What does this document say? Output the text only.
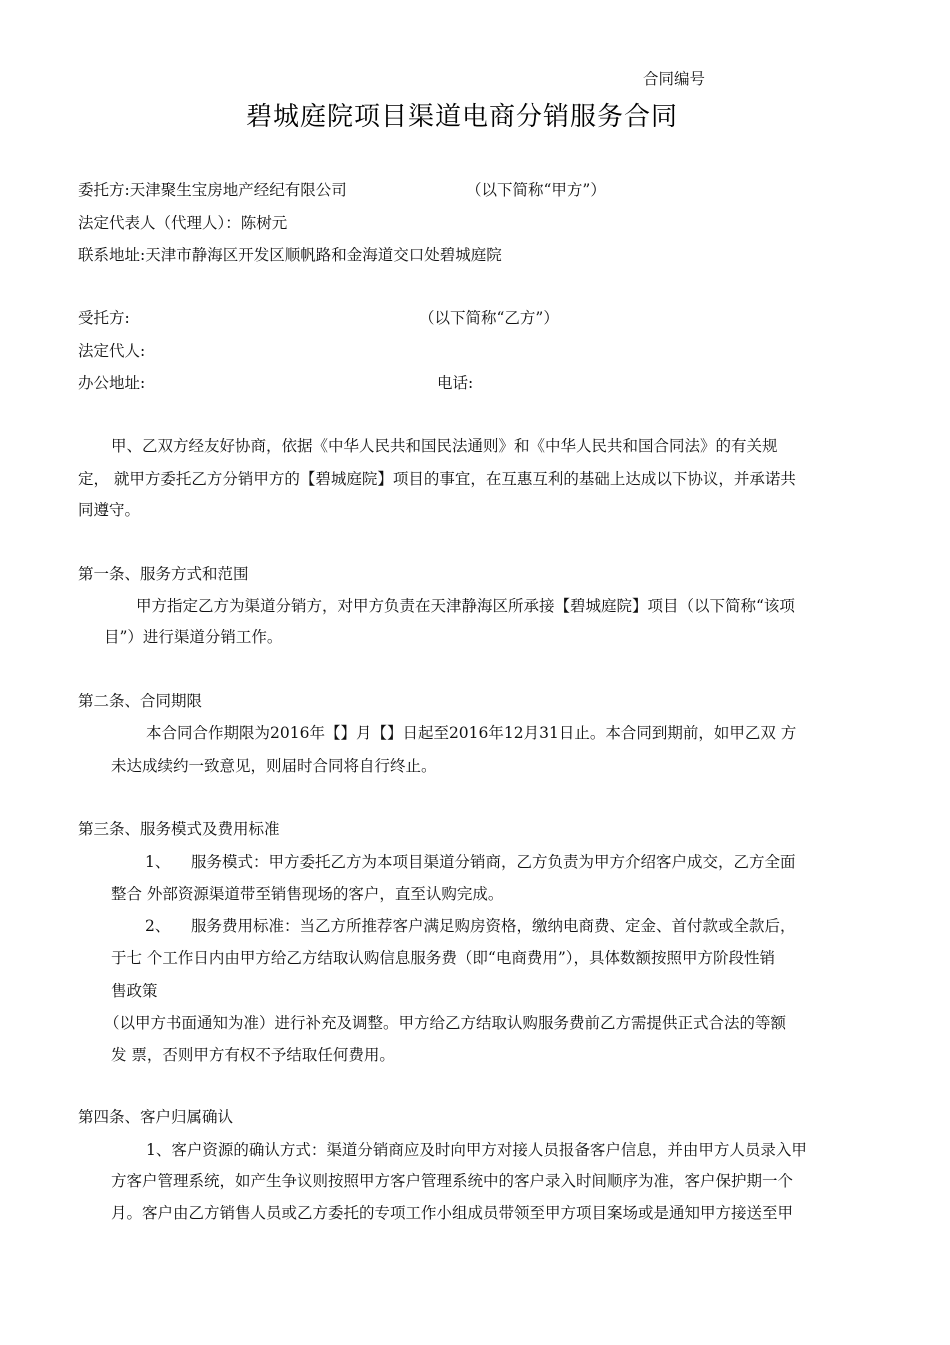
合同编号
碧城庭院项目渠道电商分销服务合同
委托方:天津聚生宝房地产经纪有限公司	（以下简称“甲方”）
法定代表人（代理人）：陈树元
联系地址:天津市静海区开发区顺帆路和金海道交口处碧城庭院
受托方:	（以下简称“乙方”）
法定代人:
办公地址:	电话:
甲、乙双方经友好协商，依据《中华人民共和国民法通则》和《中华人民共和国合同法》的有关规
定， 就甲方委托乙方分销甲方的【碧城庭院】项目的事宜，在互惠互利的基础上达成以下协议，并承诺共
同遵守。
第一条、服务方式和范围
甲方指定乙方为渠道分销方，对甲方负责在天津静海区所承接【碧城庭院】项目（以下简称“该项
目”）进行渠道分销工作。
第二条、合同期限
本合同合作期限为2016年【】月【】日起至2016年12月31日止。本合同到期前，如甲乙双 方
未达成续约一致意见，则届时合同将自行终止。
第三条、服务模式及费用标准
1、 服务模式：甲方委托乙方为本项目渠道分销商，乙方负责为甲方介绍客户成交，乙方全面
整合 外部资源渠道带至销售现场的客户，直至认购完成。
2、 服务费用标准：当乙方所推荐客户满足购房资格，缴纳电商费、定金、首付款或全款后，
于七 个工作日内由甲方给乙方结取认购信息服务费（即“电商费用”），具体数额按照甲方阶段性销
售政策
（以甲方书面通知为准）进行补充及调整。甲方给乙方结取认购服务费前乙方需提供正式合法的等额
发 票，否则甲方有权不予结取任何费用。
第四条、客户归属确认
1、客户资源的确认方式：渠道分销商应及时向甲方对接人员报备客户信息，并由甲方人员录入甲
方客户管理系统，如产生争议则按照甲方客户管理系统中的客户录入时间顺序为准，客户保护期一个
月。客户由乙方销售人员或乙方委托的专项工作小组成员带领至甲方项目案场或是通知甲方接送至甲
